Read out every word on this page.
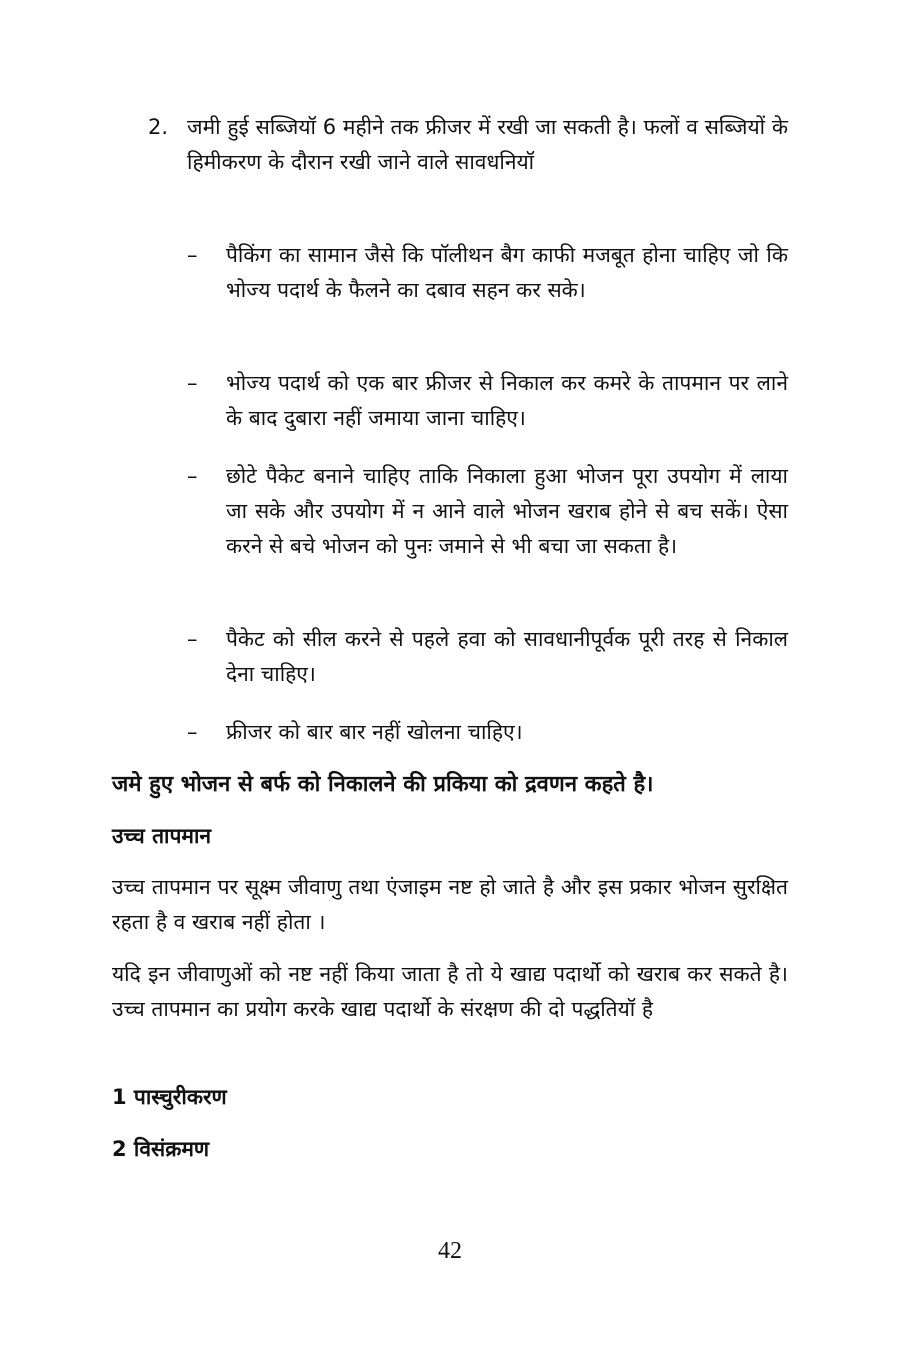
2. जमी हुई सब्जियॉ 6 महीने तक फ्रीजर में रखी जा सकती है। फलों व सब्जियों के हिमीकरण के दौरान रखी जाने वाले सावधनियॉ
– पैकिंग का सामान जैसे कि पॉलीथन बैग काफी मजबूत होना चाहिए जो कि भोज्य पदार्थ के फैलने का दबाव सहन कर सके।
– भोज्य पदार्थ को एक बार फ्रीजर से निकाल कर कमरे के तापमान पर लाने के बाद दुबारा नहीं जमाया जाना चाहिए।
– छोटे पैकेट बनाने चाहिए ताकि निकाला हुआ भोजन पूरा उपयोग में लाया जा सके और उपयोग में न आने वाले भोजन खराब होने से बच सकें। ऐसा करने से बचे भोजन को पुनः जमाने से भी बचा जा सकता है।
– पैकेट को सील करने से पहले हवा को सावधानीपूर्वक पूरी तरह से निकाल देना चाहिए।
– फ्रीजर को बार बार नहीं खोलना चाहिए।
जमे हुए भोजन से बर्फ को निकालने की प्रकिया को द्रवणन कहते है।
उच्च तापमान
उच्च तापमान पर सूक्ष्म जीवाणु तथा एंजाइम नष्ट हो जाते है और इस प्रकार भोजन सुरक्षित रहता है व खराब नहीं होता ।
यदि इन जीवाणुओं को नष्ट नहीं किया जाता है तो ये खाद्य पदार्थो को खराब कर सकते है। उच्च तापमान का प्रयोग करके खाद्य पदार्थो के संरक्षण की दो पद्धतियॉ है
1 पास्चुरीकरण
2 विसंक्रमण
42
